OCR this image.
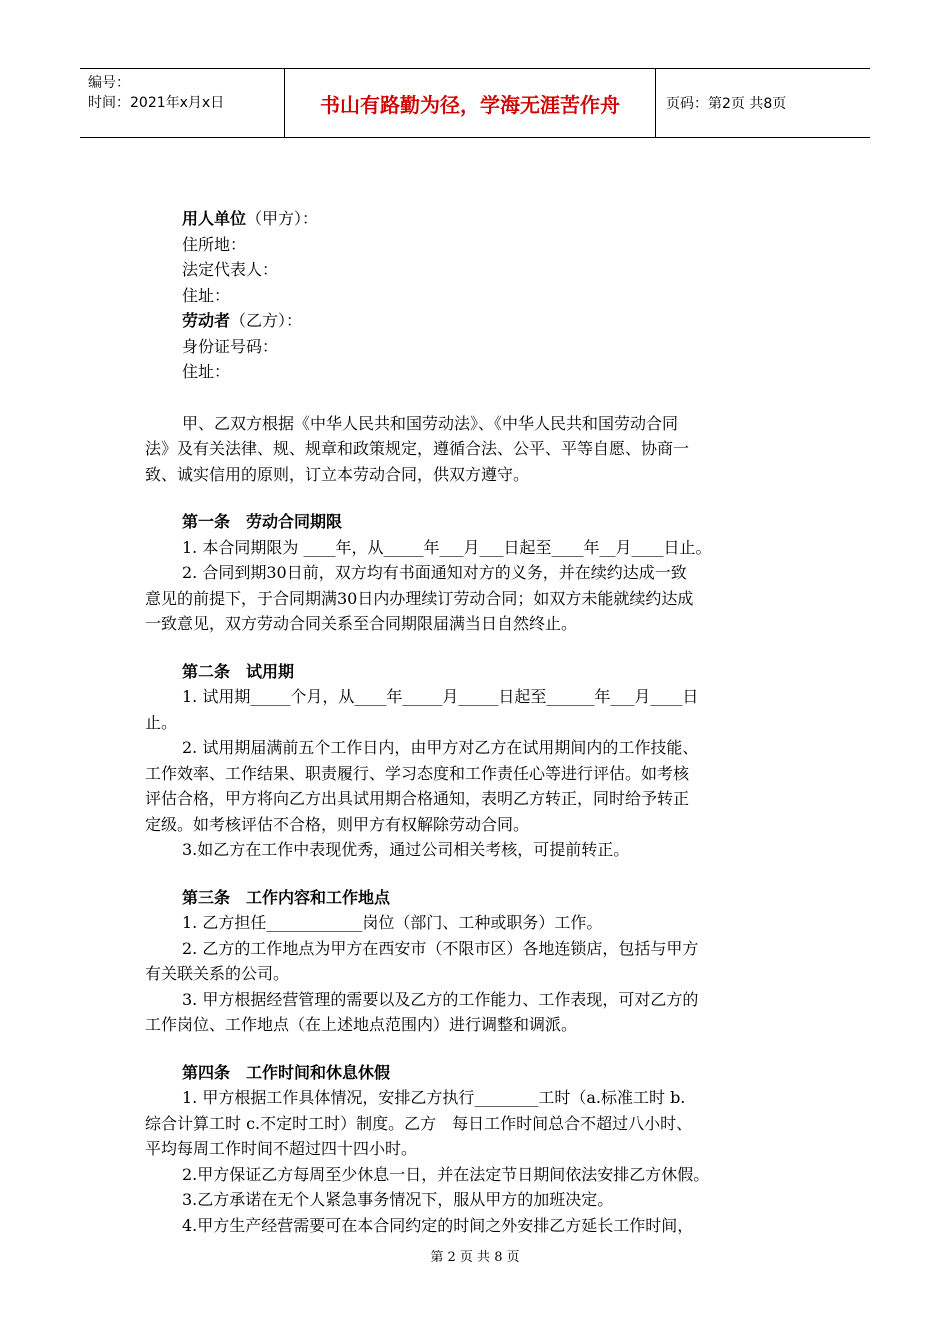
编号：
时间：2021年x月x日	书山有路勤为径，学海无涯苦作舟	页码：第2页 共8页
用人单位（甲方）：
住所地：
法定代表人：
住址：
劳动者（乙方）：
身份证号码：
住址：
甲、乙双方根据《中华人民共和国劳动法》、《中华人民共和国劳动合同
法》及有关法律、规、规章和政策规定，遵循合法、公平、平等自愿、协商一
致、诚实信用的原则，订立本劳动合同，供双方遵守。
第一条　劳动合同期限
1. 本合同期限为 ____年，从_____年___月___日起至____年__月____日止。
2. 合同到期30日前，双方均有书面通知对方的义务，并在续约达成一致
意见的前提下，于合同期满30日内办理续订劳动合同；如双方未能就续约达成
一致意见，双方劳动合同关系至合同期限届满当日自然终止。
第二条　试用期
1. 试用期_____个月，从____年_____月_____日起至______年___月____日
止。
2. 试用期届满前五个工作日内，由甲方对乙方在试用期间内的工作技能、
工作效率、工作结果、职责履行、学习态度和工作责任心等进行评估。如考核
评估合格，甲方将向乙方出具试用期合格通知，表明乙方转正，同时给予转正
定级。如考核评估不合格，则甲方有权解除劳动合同。
3.如乙方在工作中表现优秀，通过公司相关考核，可提前转正。
第三条　工作内容和工作地点
1. 乙方担任____________岗位（部门、工种或职务）工作。
2. 乙方的工作地点为甲方在西安市（不限市区）各地连锁店，包括与甲方
有关联关系的公司。
3. 甲方根据经营管理的需要以及乙方的工作能力、工作表现，可对乙方的
工作岗位、工作地点（在上述地点范围内）进行调整和调派。
第四条　工作时间和休息休假
1. 甲方根据工作具体情况，安排乙方执行________工时（a.标准工时 b.
综合计算工时 c.不定时工时）制度。乙方　每日工作时间总合不超过八小时、
平均每周工作时间不超过四十四小时。
2.甲方保证乙方每周至少休息一日，并在法定节日期间依法安排乙方休假。
3.乙方承诺在无个人紧急事务情况下，服从甲方的加班决定。
4.甲方生产经营需要可在本合同约定的时间之外安排乙方延长工作时间，
第 2 页 共 8 页
